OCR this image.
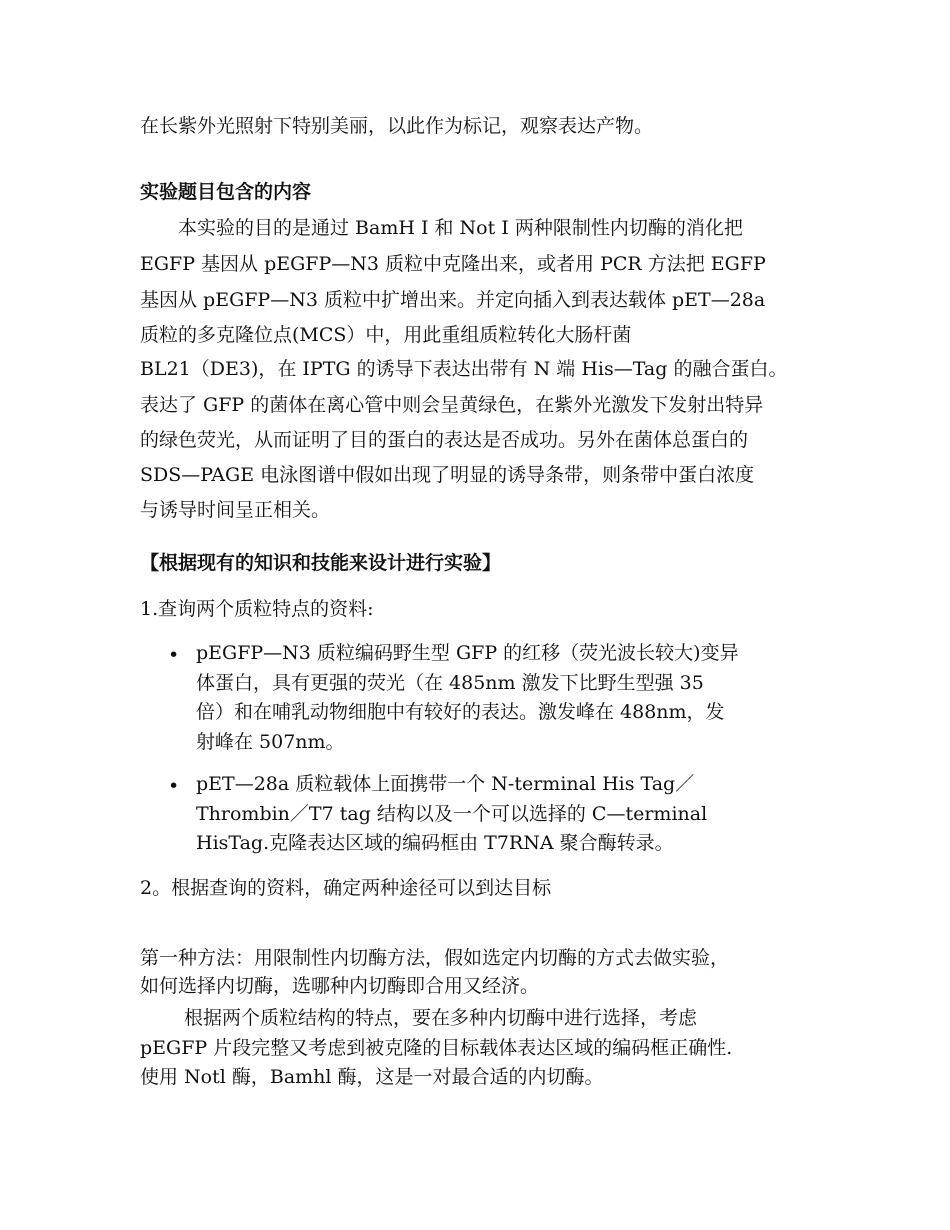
在长紫外光照射下特别美丽，以此作为标记，观察表达产物。
实验题目包含的内容
本实验的目的是通过 BamH I 和 Not I 两种限制性内切酶的消化把
EGFP 基因从 pEGFP—N3 质粒中克隆出来，或者用 PCR 方法把 EGFP
基因从 pEGFP—N3 质粒中扩增出来。并定向插入到表达载体 pET—28a
质粒的多克隆位点(MCS）中，用此重组质粒转化大肠杆菌
BL21（DE3)，在 IPTG 的诱导下表达出带有 N 端 His—Tag 的融合蛋白。
表达了 GFP 的菌体在离心管中则会呈黄绿色，在紫外光激发下发射出特异
的绿色荧光，从而证明了目的蛋白的表达是否成功。另外在菌体总蛋白的
SDS—PAGE 电泳图谱中假如出现了明显的诱导条带，则条带中蛋白浓度
与诱导时间呈正相关。
【根据现有的知识和技能来设计进行实验】
1.查询两个质粒特点的资料:
• pEGFP—N3 质粒编码野生型 GFP 的红移（荧光波长较大)变异
体蛋白，具有更强的荧光（在 485nm 激发下比野生型强 35
倍）和在哺乳动物细胞中有较好的表达。激发峰在 488nm，发
射峰在 507nm。
• pET—28a 质粒载体上面携带一个 N-terminal His Tag／
Thrombin／T7 tag 结构以及一个可以选择的 C—terminal
HisTag.克隆表达区域的编码框由 T7RNA 聚合酶转录。
2。根据查询的资料，确定两种途径可以到达目标
第一种方法：用限制性内切酶方法，假如选定内切酶的方式去做实验，
如何选择内切酶，选哪种内切酶即合用又经济。
根据两个质粒结构的特点，要在多种内切酶中进行选择，考虑
pEGFP 片段完整又考虑到被克隆的目标载体表达区域的编码框正确性.
使用 Notl 酶，Bamhl 酶，这是一对最合适的内切酶。
